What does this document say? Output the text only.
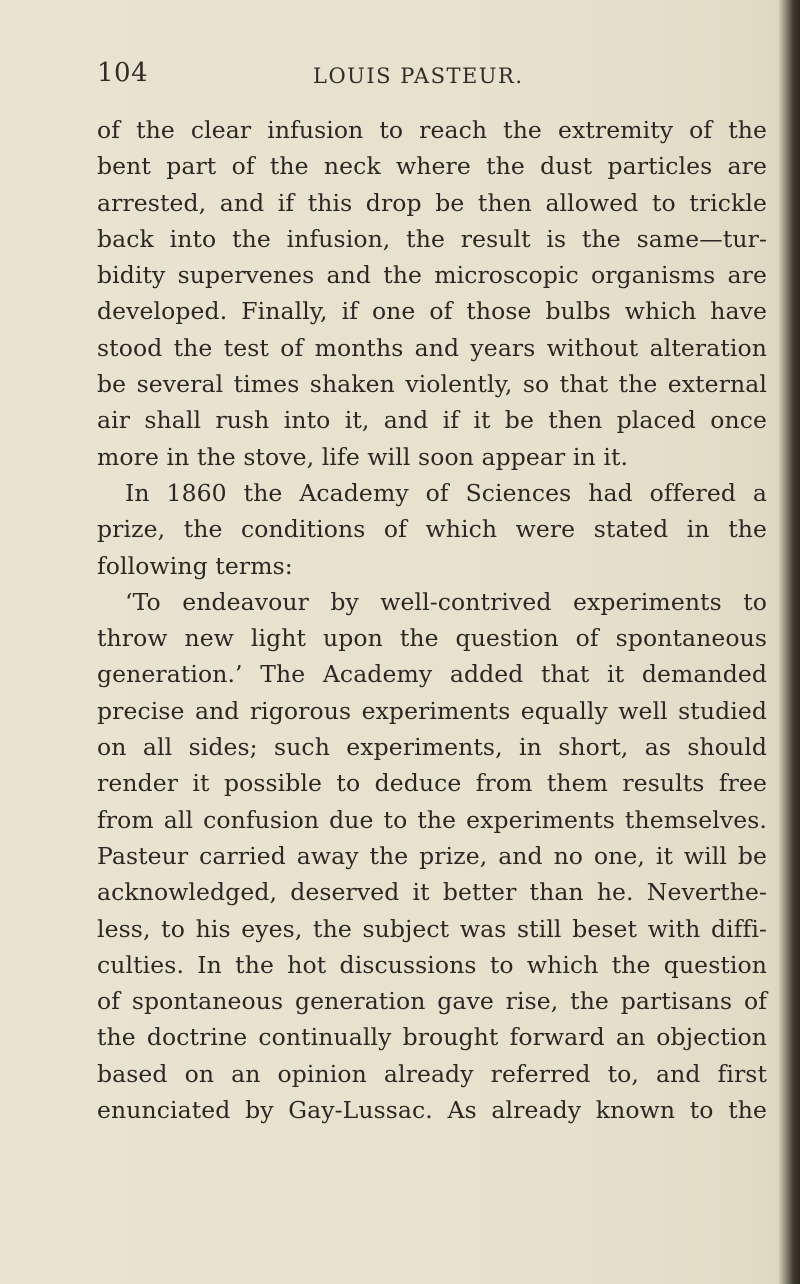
104	LOUIS PASTEUR.
of the clear infusion to reach the extremity of the
bent part of the neck where the dust particles are
arrested, and if this drop be then allowed to trickle
back into the infusion, the result is the same—tur-
bidity supervenes and the microscopic organisms are
developed. Finally, if one of those bulbs which have
stood the test of months and years without alteration
be several times shaken violently, so that the external
air shall rush into it, and if it be then placed once
more in the stove, life will soon appear in it.
In 1860 the Academy of Sciences had offered a
prize, the conditions of which were stated in the
following terms:
‘To endeavour by well-contrived experiments to
throw new light upon the question of spontaneous
generation.’ The Academy added that it demanded
precise and rigorous experiments equally well studied
on all sides; such experiments, in short, as should
render it possible to deduce from them results free
from all confusion due to the experiments themselves.
Pasteur carried away the prize, and no one, it will be
acknowledged, deserved it better than he. Neverthe-
less, to his eyes, the subject was still beset with diffi-
culties. In the hot discussions to which the question
of spontaneous generation gave rise, the partisans of
the doctrine continually brought forward an objection
based on an opinion already referred to, and first
enunciated by Gay-Lussac. As already known to the
